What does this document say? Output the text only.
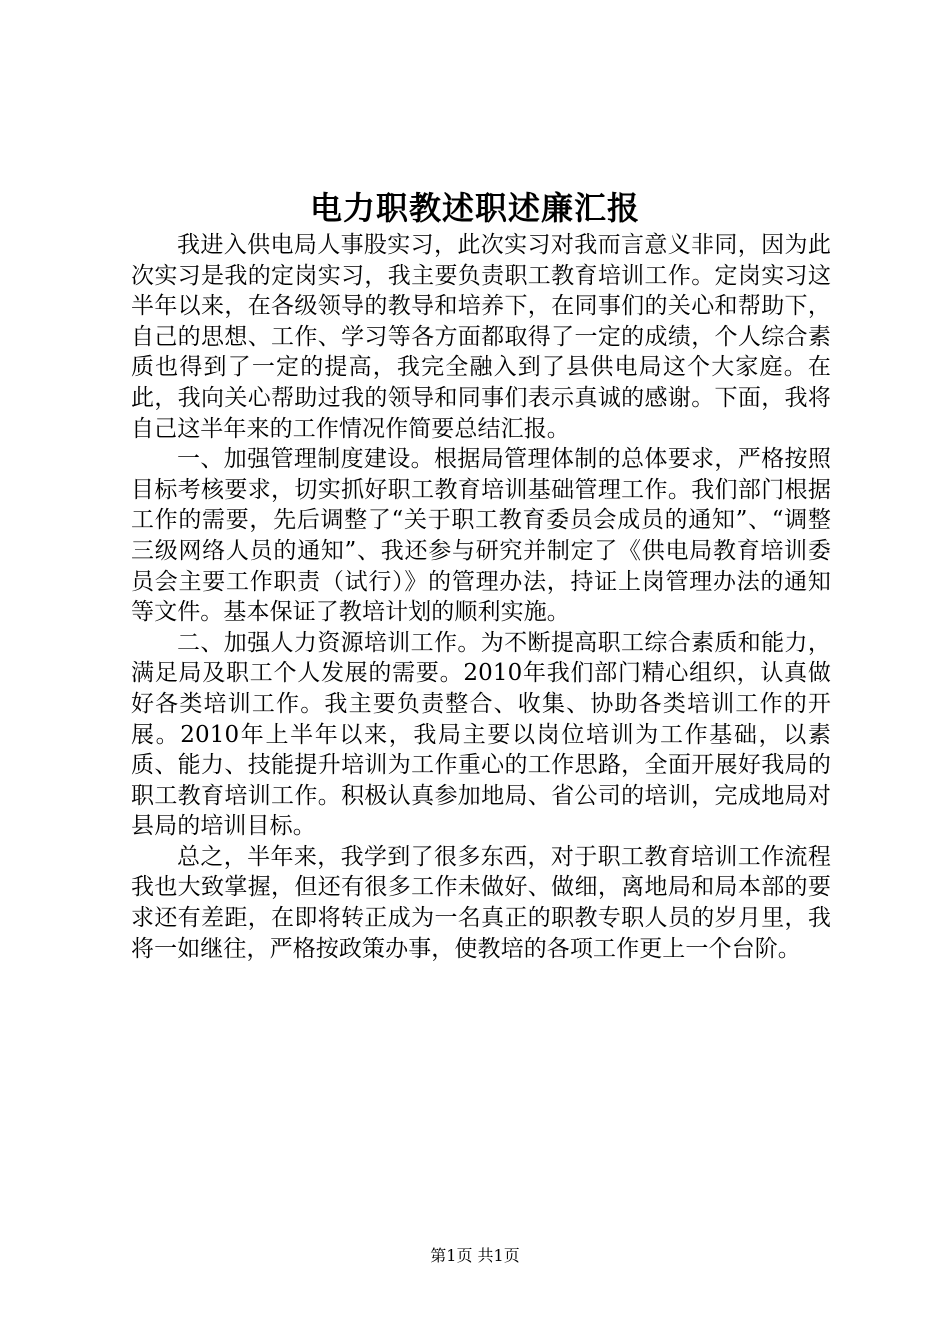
电力职教述职述廉汇报

我进入供电局人事股实习，此次实习对我而言意义非同，因为此次实习是我的定岗实习，我主要负责职工教育培训工作。定岗实习这半年以来，在各级领导的教导和培养下，在同事们的关心和帮助下，自己的思想、工作、学习等各方面都取得了一定的成绩，个人综合素质也得到了一定的提高，我完全融入到了县供电局这个大家庭。在此，我向关心帮助过我的领导和同事们表示真诚的感谢。下面，我将自己这半年来的工作情况作简要总结汇报。

一、加强管理制度建设。根据局管理体制的总体要求，严格按照目标考核要求，切实抓好职工教育培训基础管理工作。我们部门根据工作的需要，先后调整了“关于职工教育委员会成员的通知”、“调整三级网络人员的通知”、我还参与研究并制定了《供电局教育培训委员会主要工作职责（试行）》的管理办法，持证上岗管理办法的通知等文件。基本保证了教培计划的顺利实施。

二、加强人力资源培训工作。为不断提高职工综合素质和能力，满足局及职工个人发展的需要。2010年我们部门精心组织，认真做好各类培训工作。我主要负责整合、收集、协助各类培训工作的开展。2010年上半年以来，我局主要以岗位培训为工作基础，以素质、能力、技能提升培训为工作重心的工作思路，全面开展好我局的职工教育培训工作。积极认真参加地局、省公司的培训，完成地局对县局的培训目标。

总之，半年来，我学到了很多东西，对于职工教育培训工作流程我也大致掌握，但还有很多工作未做好、做细，离地局和局本部的要求还有差距，在即将转正成为一名真正的职教专职人员的岁月里，我将一如继往，严格按政策办事，使教培的各项工作更上一个台阶。

第1页 共1页
